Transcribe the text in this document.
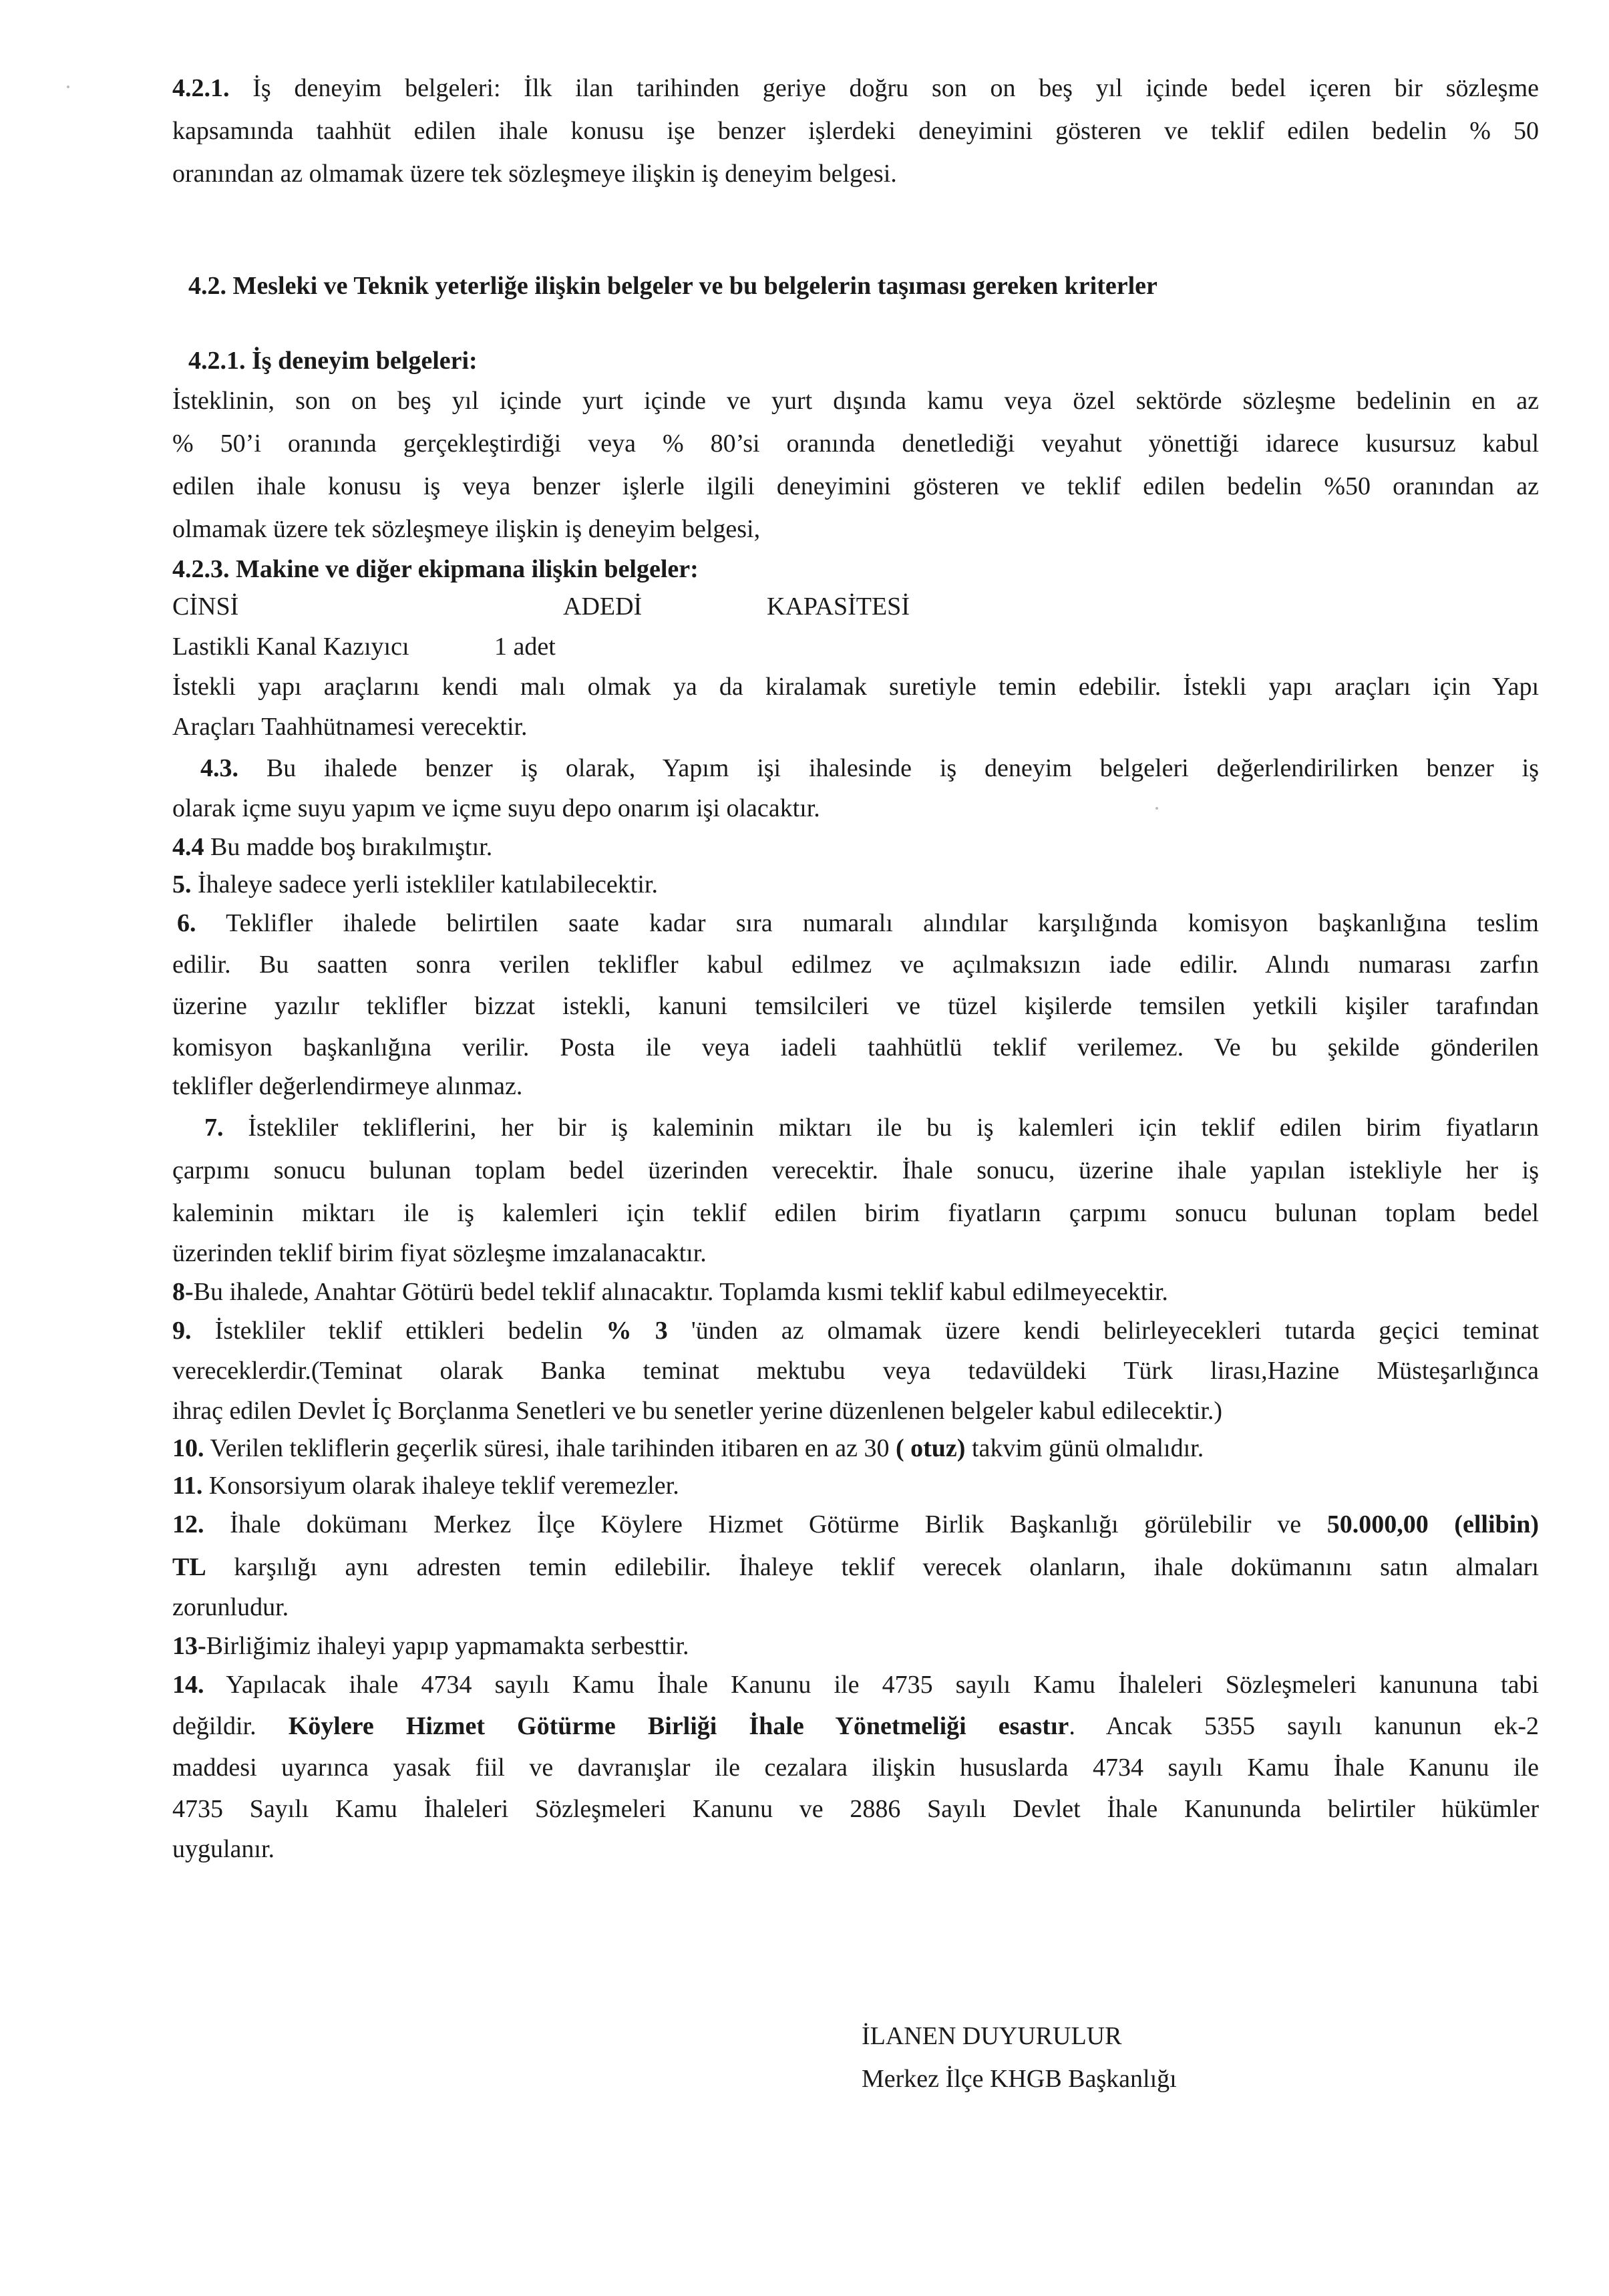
4.2.1. İş deneyim belgeleri: İlk ilan tarihinden geriye doğru son on beş yıl içinde bedel içeren bir sözleşme

kapsamında taahhüt edilen ihale konusu işe benzer işlerdeki deneyimini gösteren ve teklif edilen bedelin % 50

oranından az olmamak üzere tek sözleşmeye ilişkin iş deneyim belgesi.

4.2. Mesleki ve Teknik yeterliğe ilişkin belgeler ve bu belgelerin taşıması gereken kriterler

4.2.1. İş deneyim belgeleri:

İsteklinin, son on beş yıl içinde yurt içinde ve yurt dışında kamu veya özel sektörde sözleşme bedelinin en az

% 50’i oranında gerçekleştirdiği veya % 80’si oranında denetlediği veyahut yönettiği idarece kusursuz kabul

edilen ihale konusu iş veya benzer işlerle ilgili deneyimini gösteren ve teklif edilen bedelin %50 oranından az

olmamak üzere tek sözleşmeye ilişkin iş deneyim belgesi,

4.2.3. Makine ve diğer ekipmana ilişkin belgeler:

CİNSİ	ADEDİ	KAPASİTESİ
Lastikli Kanal Kazıyıcı	1 adet

İstekli yapı araçlarını kendi malı olmak ya da kiralamak suretiyle temin edebilir. İstekli yapı araçları için Yapı

Araçları Taahhütnamesi verecektir.

4.3. Bu ihalede benzer iş olarak, Yapım işi ihalesinde iş deneyim belgeleri değerlendirilirken benzer iş

olarak içme suyu yapım ve içme suyu depo onarım işi olacaktır.

4.4 Bu madde boş bırakılmıştır.

5. İhaleye sadece yerli istekliler katılabilecektir.

6. Teklifler ihalede belirtilen saate kadar sıra numaralı alındılar karşılığında komisyon başkanlığına teslim

edilir. Bu saatten sonra verilen teklifler kabul edilmez ve açılmaksızın iade edilir. Alındı numarası zarfın

üzerine yazılır teklifler bizzat istekli, kanuni temsilcileri ve tüzel kişilerde temsilen yetkili kişiler tarafından

komisyon başkanlığına verilir. Posta ile veya iadeli taahhütlü teklif verilemez. Ve bu şekilde gönderilen

teklifler değerlendirmeye alınmaz.

7. İstekliler tekliflerini, her bir iş kaleminin miktarı ile bu iş kalemleri için teklif edilen birim fiyatların

çarpımı sonucu bulunan toplam bedel üzerinden verecektir. İhale sonucu, üzerine ihale yapılan istekliyle her iş

kaleminin miktarı ile iş kalemleri için teklif edilen birim fiyatların çarpımı sonucu bulunan toplam bedel

üzerinden teklif birim fiyat sözleşme imzalanacaktır.

8-Bu ihalede, Anahtar Götürü bedel teklif alınacaktır. Toplamda kısmi teklif kabul edilmeyecektir.

9. İstekliler teklif ettikleri bedelin % 3 'ünden az olmamak üzere kendi belirleyecekleri tutarda geçici teminat

vereceklerdir.(Teminat olarak Banka teminat mektubu veya tedavüldeki Türk lirası,Hazine Müsteşarlığınca

ihraç edilen Devlet İç Borçlanma Senetleri ve bu senetler yerine düzenlenen belgeler kabul edilecektir.)

10. Verilen tekliflerin geçerlik süresi, ihale tarihinden itibaren en az 30 ( otuz) takvim günü olmalıdır.

11. Konsorsiyum olarak ihaleye teklif veremezler.

12. İhale dokümanı Merkez İlçe Köylere Hizmet Götürme Birlik Başkanlığı görülebilir ve 50.000,00 (ellibin)

TL karşılığı aynı adresten temin edilebilir. İhaleye teklif verecek olanların, ihale dokümanını satın almaları

zorunludur.

13-Birliğimiz ihaleyi yapıp yapmamakta serbesttir.

14. Yapılacak ihale 4734 sayılı Kamu İhale Kanunu ile 4735 sayılı Kamu İhaleleri Sözleşmeleri kanununa tabi

değildir. Köylere Hizmet Götürme Birliği İhale Yönetmeliği esastır. Ancak 5355 sayılı kanunun ek-2

maddesi uyarınca yasak fiil ve davranışlar ile cezalara ilişkin hususlarda 4734 sayılı Kamu İhale Kanunu ile

4735 Sayılı Kamu İhaleleri Sözleşmeleri Kanunu ve 2886 Sayılı Devlet İhale Kanununda belirtiler hükümler

uygulanır.

İLANEN DUYURULUR
Merkez İlçe KHGB Başkanlığı
